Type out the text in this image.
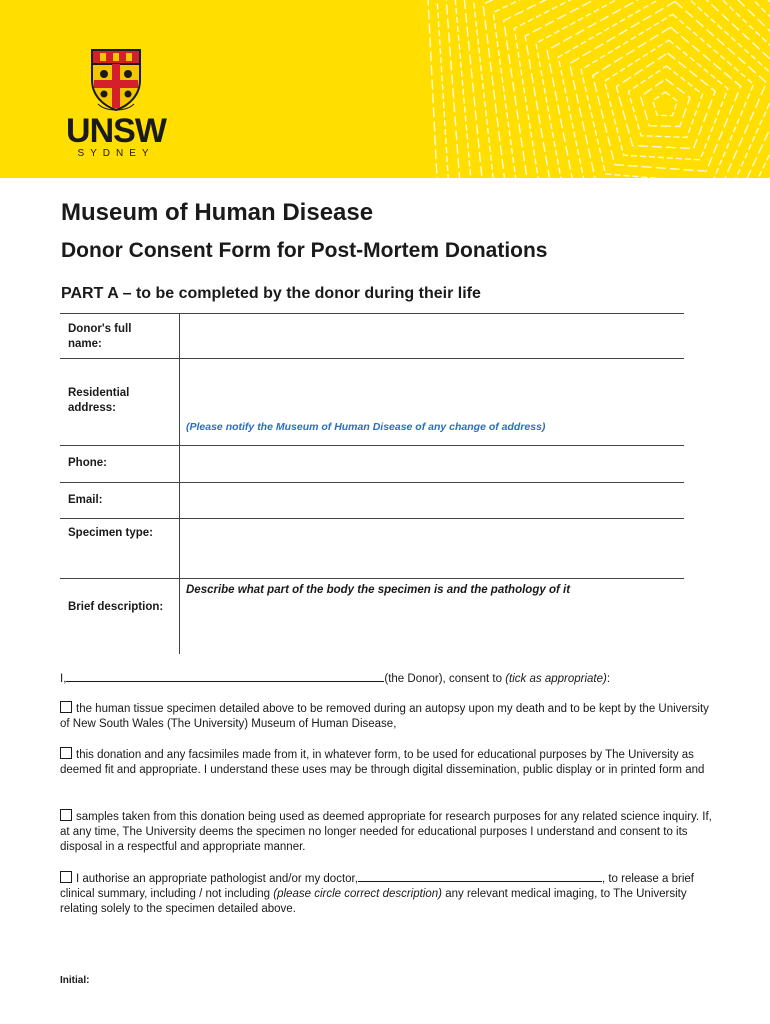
UNSW
SYDNEY
Museum of Human Disease
Donor Consent Form for Post-Mortem Donations
PART A – to be completed by the donor during their life
Donor's full name:
Residential address:
(Please notify the Museum of Human Disease of any change of address)
Phone:
Email:
Specimen type:
Brief description:
Describe what part of the body the specimen is and the pathology of it
I,	(the Donor), consent to (tick as appropriate):
the human tissue specimen detailed above to be removed during an autopsy upon my death and to be kept by the University of New South Wales (The University) Museum of Human Disease,
this donation and any facsimiles made from it, in whatever form, to be used for educational purposes by The University as deemed fit and appropriate. I understand these uses may be through digital dissemination, public display or in printed form and
samples taken from this donation being used as deemed appropriate for research purposes for any related science inquiry. If, at any time, The University deems the specimen no longer needed for educational purposes I understand and consent to its disposal in a respectful and appropriate manner.
I authorise an appropriate pathologist and/or my doctor,	, to release a brief clinical summary, including / not including (please circle correct description) any relevant medical imaging, to The University relating solely to the specimen detailed above.
Initial:
